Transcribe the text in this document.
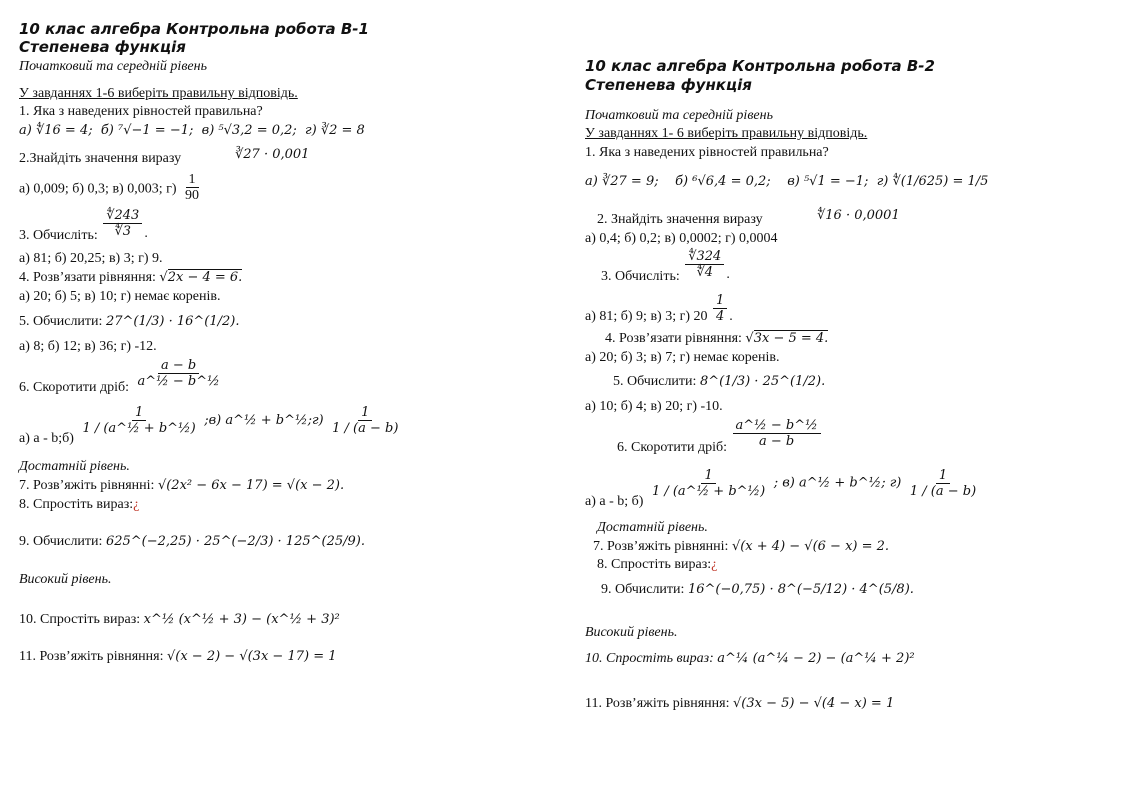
10 клас алгебра Контрольна робота В-1
Степенева функція
Початковий та середній рівень
У завданнях 1-6 виберіть правильну відповідь.
1. Яка з наведених рівностей правильна?
а) ∜16 = 4; б) ⁷√−1 = −1; в) ⁵√3,2 = 0,2; г) ∛2 = 8
2.Знайдіть значення виразу	∛27 · 0,001
а) 0,009; б) 0,3; в) 0,003; $г) \frac{1}{90}$
3. Обчисліть: $\frac{∜243}{∜3}$ .
а) 81; б) 20,25; в) 3; г) 9.
4. Розв’язати рівняння: √2x − 4 = 6.
а) 20; б) 5; в) 10; г) немає коренів.
5. Обчислити: 27^(1/3) · 16^(1/2).
а) 8; б) 12; в) 36; г) -12.
6. Скоротити дріб: $\frac{a - b}{\text{a\textasciicircum{}½ − b\textasciicircum{}½}}$
а) a - b;б)
$\frac{1}{\text{1 / (a\textasciicircum{}½ + b\textasciicircum{}½)}}$ ;в) a^½ + b^½;г) $\frac{1}{1 / (a - b)}$
Достатній рівень.
7. Розв’яжіть рівнянні: √(2x² − 6x − 17) = √(x − 2).
8. Спростіть вираз:¿
9. Обчислити: 625^(−2,25) · 25^(−2/3) · 125^(25/9).
Високий рівень.
10. Спростіть вираз: x^½ (x^½ + 3) − (x^½ + 3)²
11. Розв’яжіть рівняння: √(x − 2) − √(3x − 17) = 1
10 клас алгебра Контрольна робота В-2
Степенева функція
Початковий та середній рівень
У завданнях 1- 6 виберіть правильну відповідь.
1. Яка з наведених рівностей правильна?
а) ∛27 = 9; б) ⁶√6,4 = 0,2; в) ⁵√1 = −1; г) ∜(1/625) = 1/5
2. Знайдіть значення виразу	∜16 · 0,0001
а) 0,4; б) 0,2; в) 0,0002; г) 0,0004
3. Обчисліть: $\frac{∜324}{∜4}$ .
а) 81; б) 9; в) 3; г) $20 \frac{1}{4}$ .
4. Розв’язати рівняння: √3x − 5 = 4.
а) 20; б) 3; в) 7; г) немає коренів.
5. Обчислити: 8^(1/3) · 25^(1/2).
а) 10; б) 4; в) 20; г) -10.
6. Скоротити дріб: $\frac{\text{a\textasciicircum{}½ − b\textasciicircum{}½}}{a - b}$
а) a - b; б)
$\frac{1}{\text{1 / (a\textasciicircum{}½ + b\textasciicircum{}½)}}$ ; в) a^½ + b^½; $г) \frac{1}{1 / (a - b)}$
Достатній рівень.
7. Розв’яжіть рівнянні: √(x + 4) − √(6 − x) = 2.
8. Спростіть вираз:¿
9. Обчислити: 16^(−0,75) · 8^(−5/12) · 4^(5/8).
Високий рівень.
10. Спростіть вираз: a^¼ (a^¼ − 2) − (a^¼ + 2)²
11. Розв’яжіть рівняння: √(3x − 5) − √(4 − x) = 1
